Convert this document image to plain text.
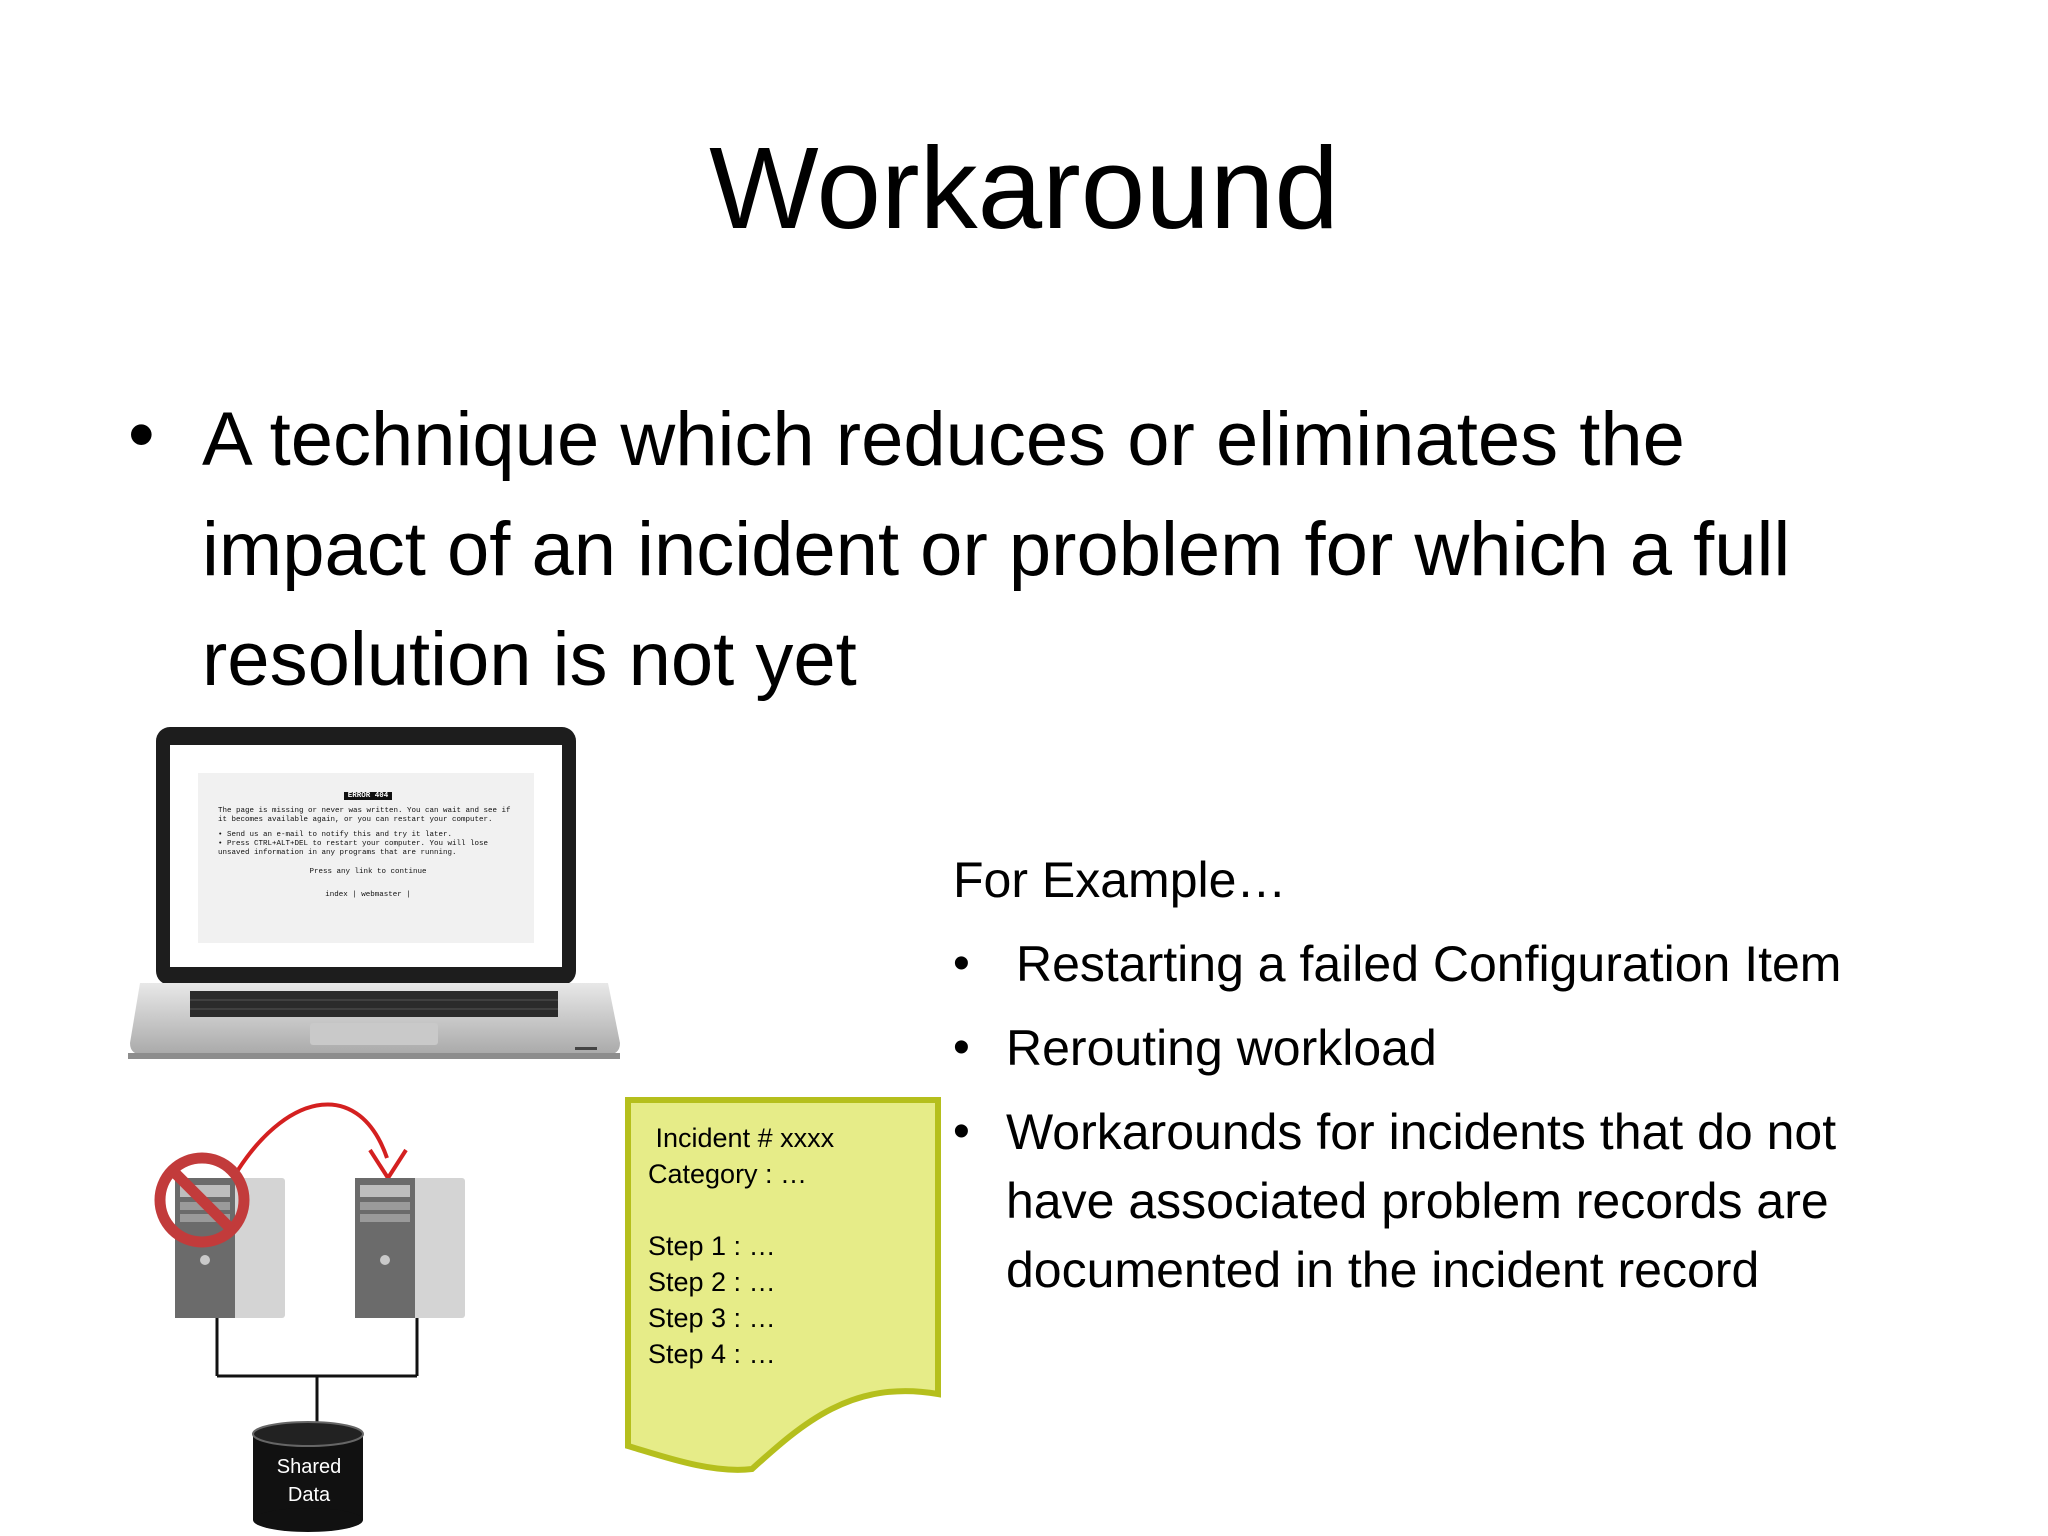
Workaround
• A technique which reduces or eliminates the impact of an incident or problem for which a full resolution is not yet
ERROR 404
The page is missing or never was written. You can wait and see if it becomes available again, or you can restart your computer.
• Send us an e-mail to notify this and try it later.
• Press CTRL+ALT+DEL to restart your computer. You will lose unsaved information in any programs that are running.
Press any link to continue
index | webmaster |
Shared
Data
Incident # xxxx
Category : …
Step 1 : …
Step 2 : …
Step 3 : …
Step 4 : …
For Example…
• Restarting a failed Configuration Item
• Rerouting workload
• Workarounds for incidents that do not have associated problem records are documented in the incident record
